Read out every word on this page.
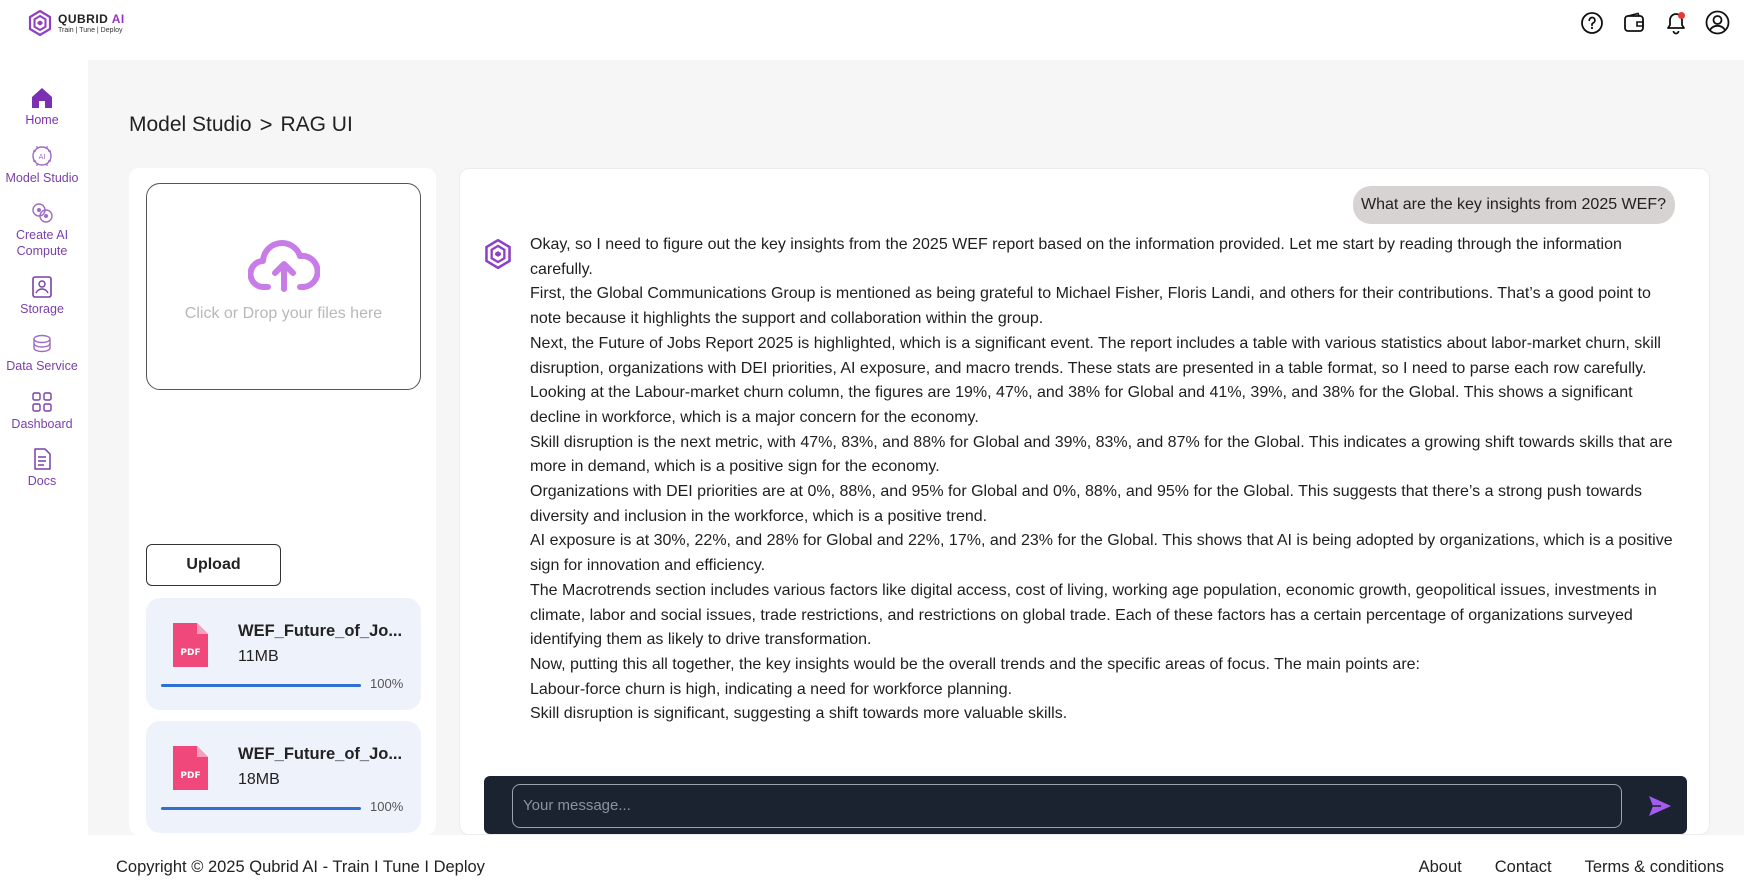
QUBRID AI
Train | Tune | Deploy
Home
AI
Model Studio
Create AI Compute
Storage
Data Service
Dashboard
Docs
Model Studio > RAG UI
Click or Drop your files here
Upload
PDF
WEF_Future_of_Jo...
11MB
100%
PDF
WEF_Future_of_Jo...
18MB
100%
What are the key insights from 2025 WEF?

Okay, so I need to figure out the key insights from the 2025 WEF report based on the information provided. Let me start by reading through the information carefully.

First, the Global Communications Group is mentioned as being grateful to Michael Fisher, Floris Landi, and others for their contributions. That’s a good point to note because it highlights the support and collaboration within the group.

Next, the Future of Jobs Report 2025 is highlighted, which is a significant event. The report includes a table with various statistics about labor-market churn, skill disruption, organizations with DEI priorities, AI exposure, and macro trends. These stats are presented in a table format, so I need to parse each row carefully.

Looking at the Labour-market churn column, the figures are 19%, 47%, and 38% for Global and 41%, 39%, and 38% for the Global. This shows a significant decline in workforce, which is a major concern for the economy.

Skill disruption is the next metric, with 47%, 83%, and 88% for Global and 39%, 83%, and 87% for the Global. This indicates a growing shift towards skills that are more in demand, which is a positive sign for the economy.

Organizations with DEI priorities are at 0%, 88%, and 95% for Global and 0%, 88%, and 95% for the Global. This suggests that there’s a strong push towards diversity and inclusion in the workforce, which is a positive trend.

AI exposure is at 30%, 22%, and 28% for Global and 22%, 17%, and 23% for the Global. This shows that AI is being adopted by organizations, which is a positive sign for innovation and efficiency.

The Macrotrends section includes various factors like digital access, cost of living, working age population, economic growth, geopolitical issues, investments in climate, labor and social issues, trade restrictions, and restrictions on global trade. Each of these factors has a certain percentage of organizations surveyed identifying them as likely to drive transformation.

Now, putting this all together, the key insights would be the overall trends and the specific areas of focus. The main points are:

Labour-force churn is high, indicating a need for workforce planning.

Skill disruption is significant, suggesting a shift towards more valuable skills.

Your message...
Copyright © 2025 Qubrid AI - Train I Tune I Deploy	About Contact Terms & conditions
